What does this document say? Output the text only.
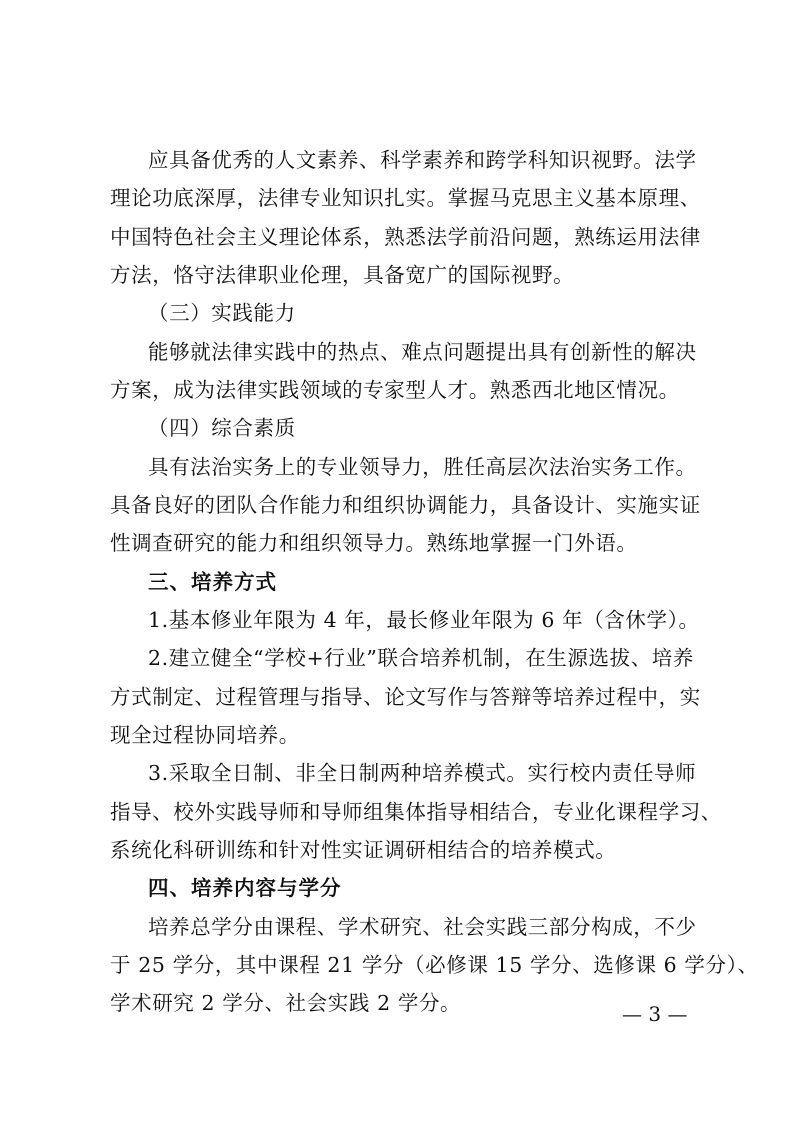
应具备优秀的人文素养、科学素养和跨学科知识视野。法学
理论功底深厚，法律专业知识扎实。掌握马克思主义基本原理、
中国特色社会主义理论体系，熟悉法学前沿问题，熟练运用法律
方法，恪守法律职业伦理，具备宽广的国际视野。
（三）实践能力
能够就法律实践中的热点、难点问题提出具有创新性的解决
方案，成为法律实践领域的专家型人才。熟悉西北地区情况。
（四）综合素质
具有法治实务上的专业领导力，胜任高层次法治实务工作。
具备良好的团队合作能力和组织协调能力，具备设计、实施实证
性调查研究的能力和组织领导力。熟练地掌握一门外语。
三、培养方式
1.基本修业年限为 4 年，最长修业年限为 6 年（含休学）。
2.建立健全“学校+行业”联合培养机制，在生源选拔、培养
方式制定、过程管理与指导、论文写作与答辩等培养过程中，实
现全过程协同培养。
3.采取全日制、非全日制两种培养模式。实行校内责任导师
指导、校外实践导师和导师组集体指导相结合，专业化课程学习、
系统化科研训练和针对性实证调研相结合的培养模式。
四、培养内容与学分
培养总学分由课程、学术研究、社会实践三部分构成，不少
于 25 学分，其中课程 21 学分（必修课 15 学分、选修课 6 学分）、
学术研究 2 学分、社会实践 2 学分。	— 3 —
